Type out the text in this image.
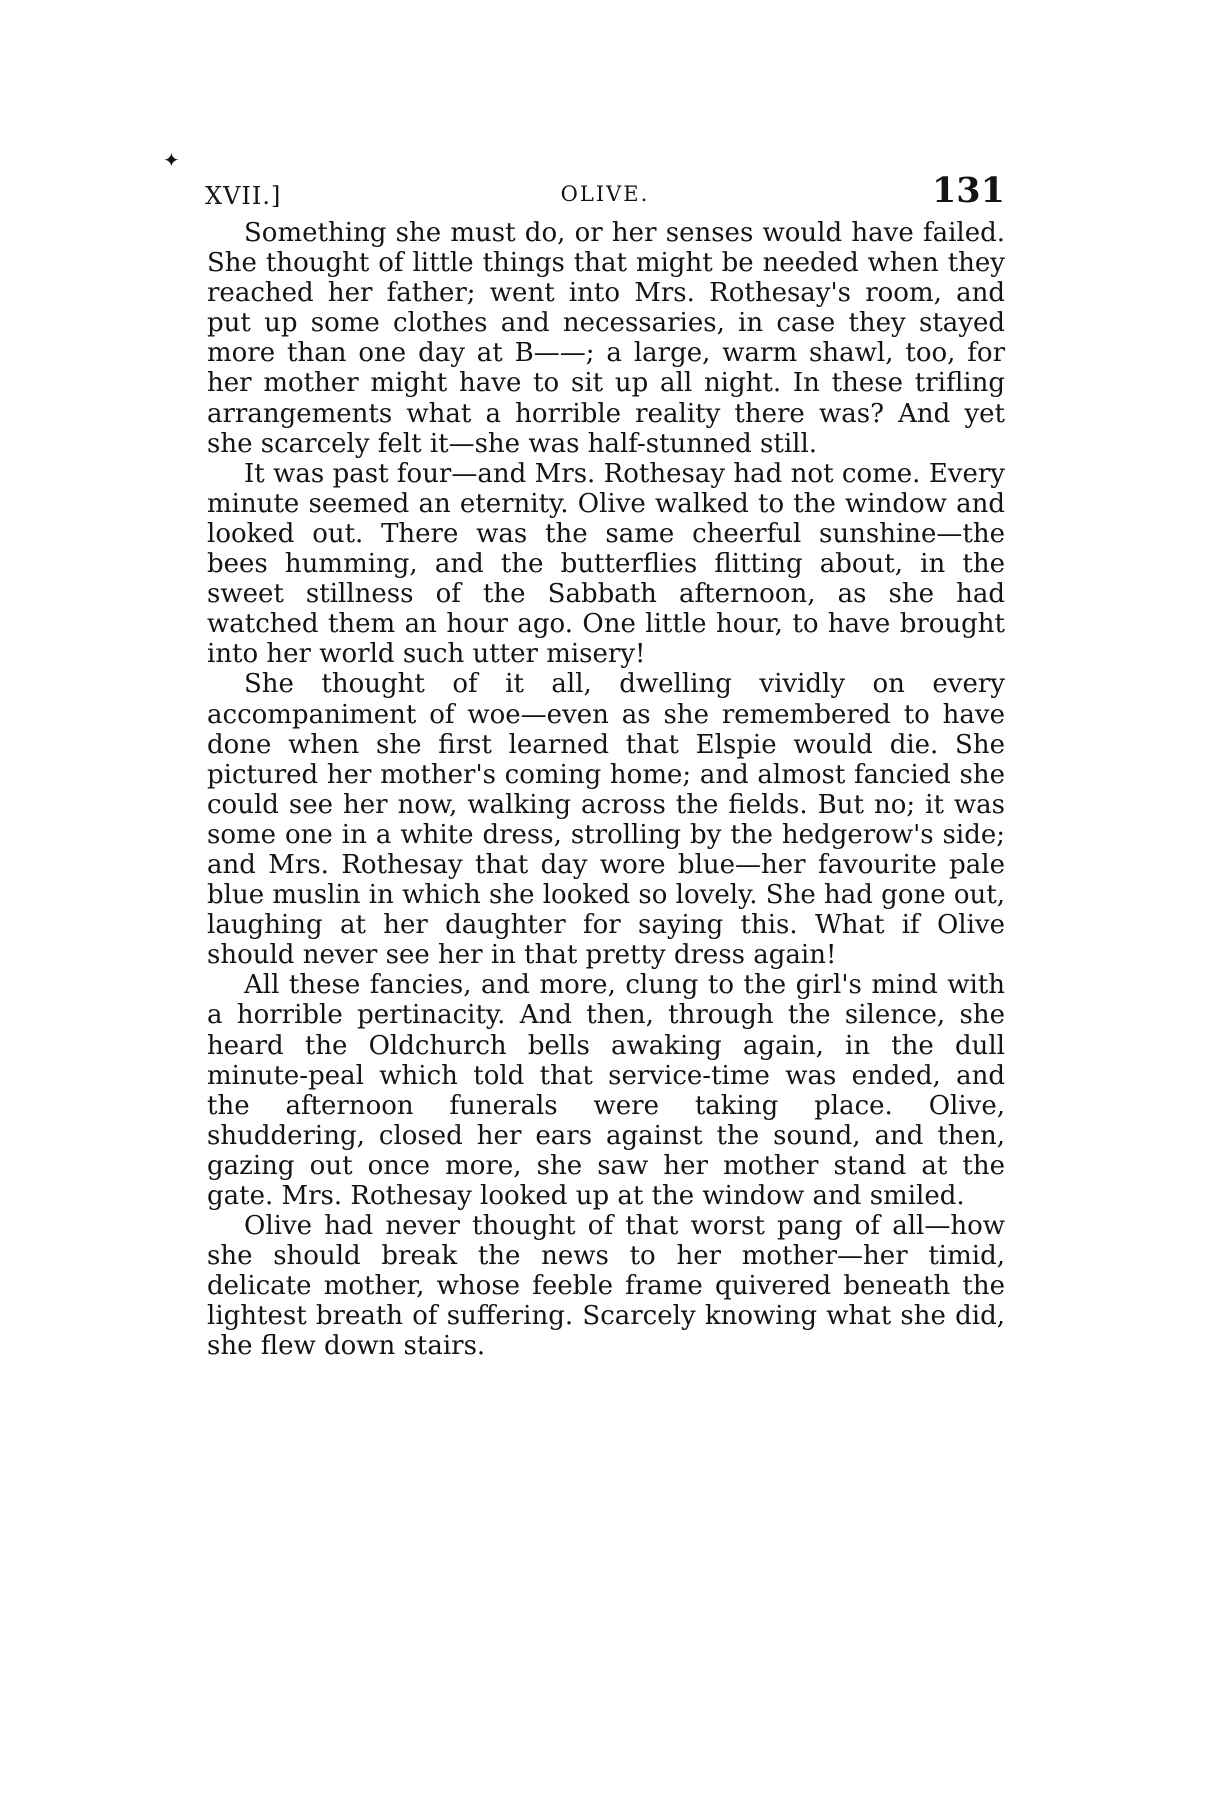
✦
XVII.]	OLIVE.	131

Something she must do, or her senses would have failed. She thought of little things that might be needed when they reached her father; went into Mrs. Rothesay's room, and put up some clothes and necessaries, in case they stayed more than one day at B——; a large, warm shawl, too, for her mother might have to sit up all night. In these trifling arrangements what a horrible reality there was? And yet she scarcely felt it—she was half-stunned still.

It was past four—and Mrs. Rothesay had not come. Every minute seemed an eternity. Olive walked to the window and looked out. There was the same cheerful sunshine—the bees humming, and the butterflies flitting about, in the sweet stillness of the Sabbath afternoon, as she had watched them an hour ago. One little hour, to have brought into her world such utter misery!

She thought of it all, dwelling vividly on every accompaniment of woe—even as she remembered to have done when she first learned that Elspie would die. She pictured her mother's coming home; and almost fancied she could see her now, walking across the fields. But no; it was some one in a white dress, strolling by the hedgerow's side; and Mrs. Rothesay that day wore blue—her favourite pale blue muslin in which she looked so lovely. She had gone out, laughing at her daughter for saying this. What if Olive should never see her in that pretty dress again!

All these fancies, and more, clung to the girl's mind with a horrible pertinacity. And then, through the silence, she heard the Oldchurch bells awaking again, in the dull minute-peal which told that service-time was ended, and the afternoon funerals were taking place. Olive, shuddering, closed her ears against the sound, and then, gazing out once more, she saw her mother stand at the gate. Mrs. Rothesay looked up at the window and smiled.

Olive had never thought of that worst pang of all—how she should break the news to her mother—her timid, delicate mother, whose feeble frame quivered beneath the lightest breath of suffering. Scarcely knowing what she did, she flew down stairs.
